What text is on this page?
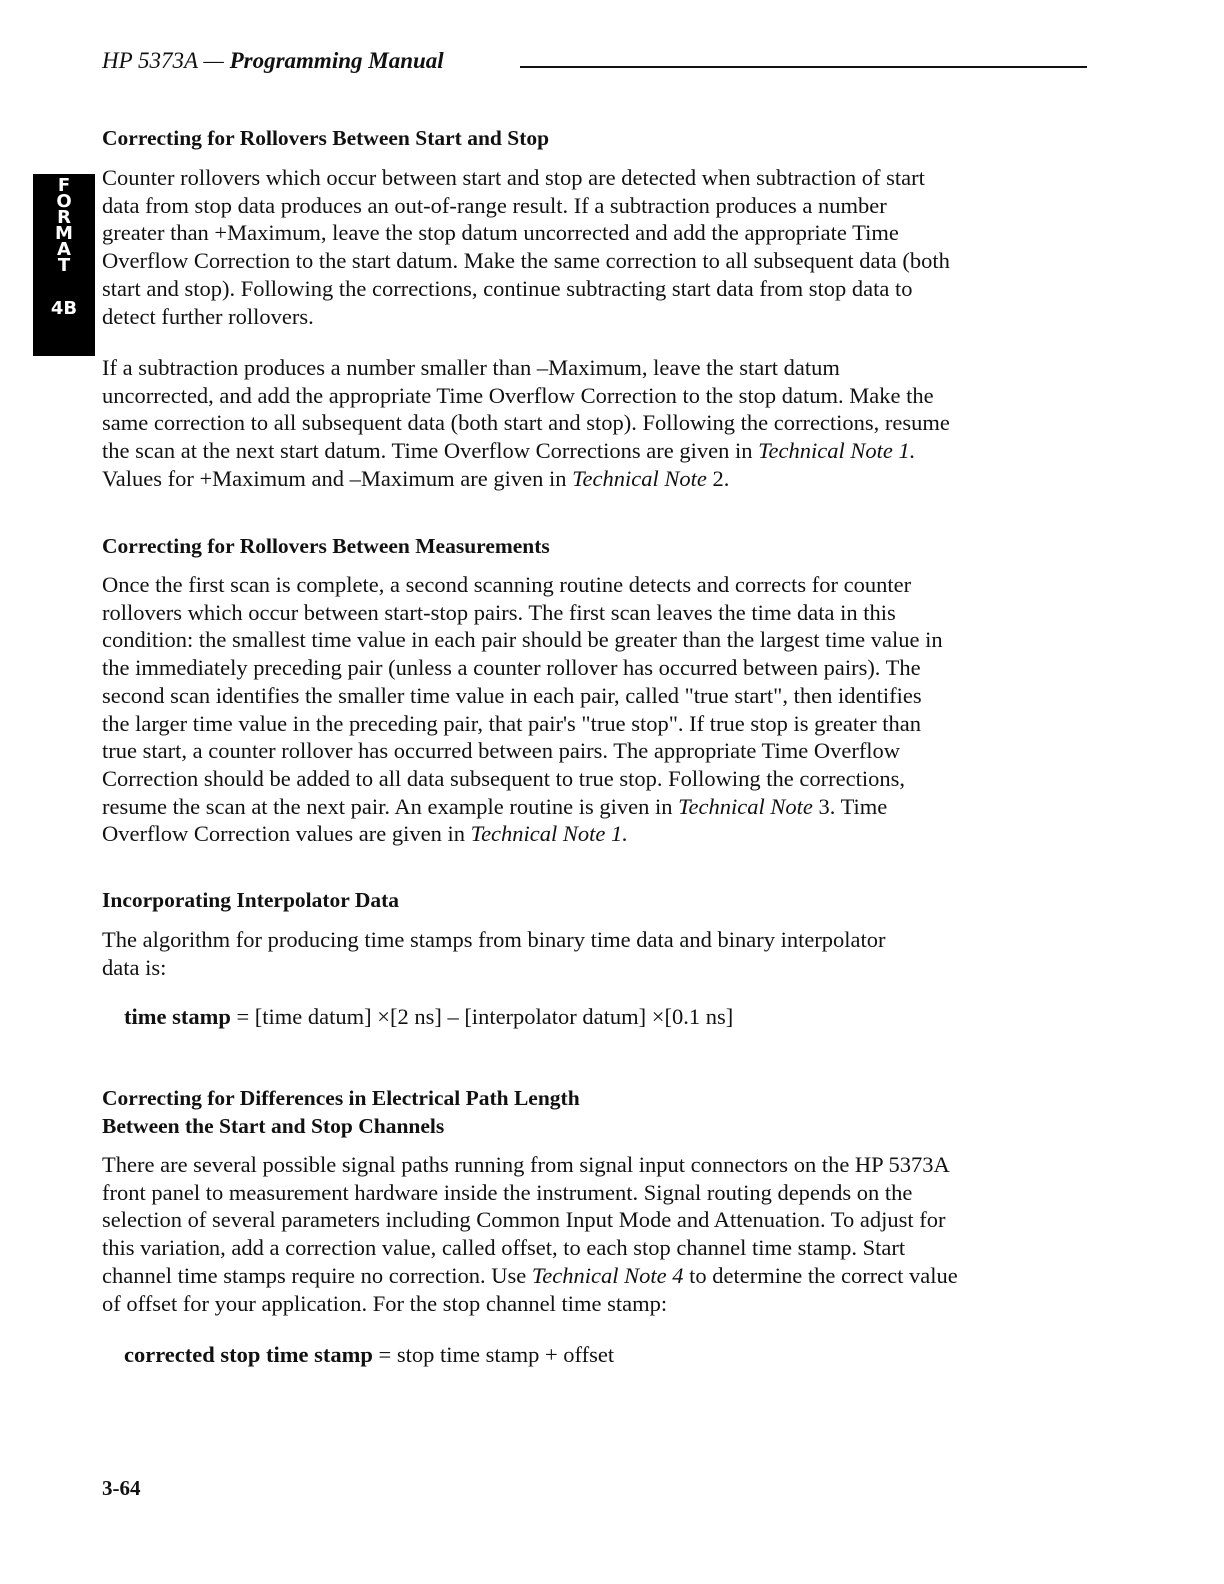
HP 5373A — Programming Manual
F
O
R
M
A
T
4B
Correcting for Rollovers Between Start and Stop
Counter rollovers which occur between start and stop are detected when subtraction of start
data from stop data produces an out-of-range result. If a subtraction produces a number
greater than +Maximum, leave the stop datum uncorrected and add the appropriate Time
Overflow Correction to the start datum. Make the same correction to all subsequent data (both
start and stop). Following the corrections, continue subtracting start data from stop data to
detect further rollovers.
If a subtraction produces a number smaller than –Maximum, leave the start datum
uncorrected, and add the appropriate Time Overflow Correction to the stop datum. Make the
same correction to all subsequent data (both start and stop). Following the corrections, resume
the scan at the next start datum. Time Overflow Corrections are given in Technical Note 1.
Values for +Maximum and –Maximum are given in Technical Note 2.
Correcting for Rollovers Between Measurements
Once the first scan is complete, a second scanning routine detects and corrects for counter
rollovers which occur between start-stop pairs. The first scan leaves the time data in this
condition: the smallest time value in each pair should be greater than the largest time value in
the immediately preceding pair (unless a counter rollover has occurred between pairs). The
second scan identifies the smaller time value in each pair, called "true start", then identifies
the larger time value in the preceding pair, that pair's "true stop". If true stop is greater than
true start, a counter rollover has occurred between pairs. The appropriate Time Overflow
Correction should be added to all data subsequent to true stop. Following the corrections,
resume the scan at the next pair. An example routine is given in Technical Note 3. Time
Overflow Correction values are given in Technical Note 1.
Incorporating Interpolator Data
The algorithm for producing time stamps from binary time data and binary interpolator
data is:
time stamp = [time datum] ×[2 ns] – [interpolator datum] ×[0.1 ns]
Correcting for Differences in Electrical Path Length
Between the Start and Stop Channels
There are several possible signal paths running from signal input connectors on the HP 5373A
front panel to measurement hardware inside the instrument. Signal routing depends on the
selection of several parameters including Common Input Mode and Attenuation. To adjust for
this variation, add a correction value, called offset, to each stop channel time stamp. Start
channel time stamps require no correction. Use Technical Note 4 to determine the correct value
of offset for your application. For the stop channel time stamp:
corrected stop time stamp = stop time stamp + offset
3-64
